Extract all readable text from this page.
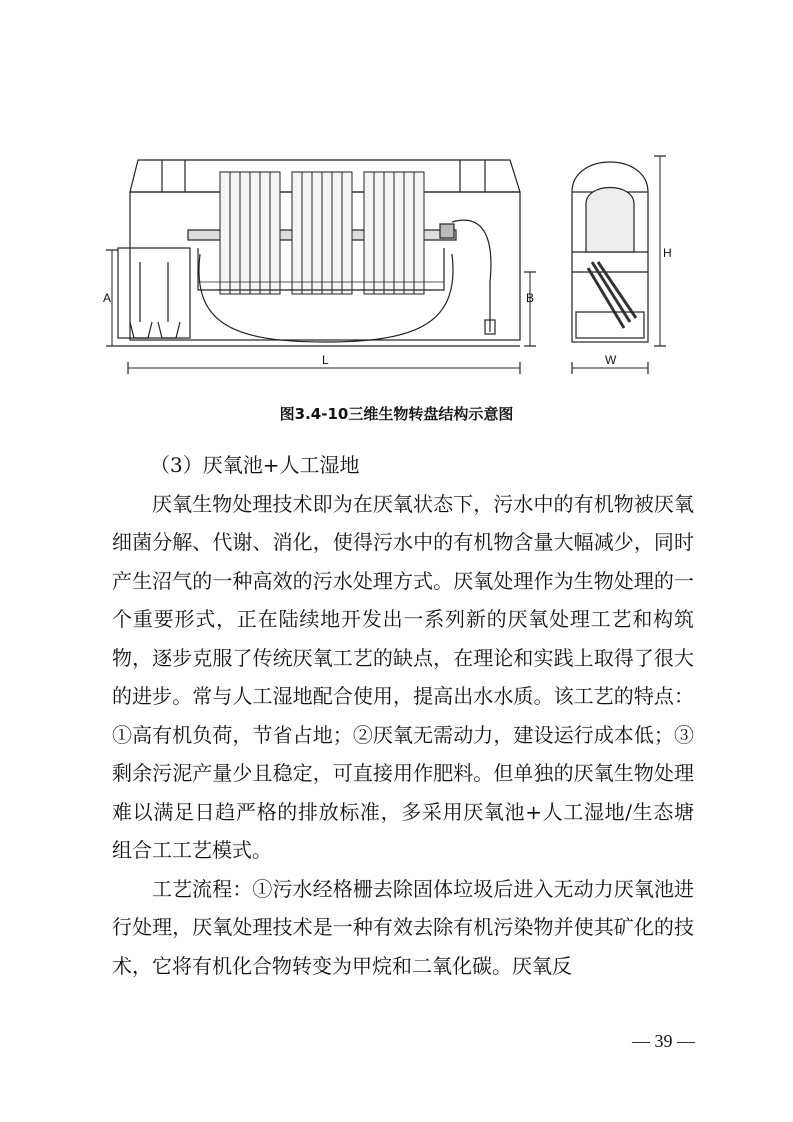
L
A	B
W
H
图3.4-10三维生物转盘结构示意图

（3）厌氧池+人工湿地

厌氧生物处理技术即为在厌氧状态下，污水中的有机物被厌氧细菌分解、代谢、消化，使得污水中的有机物含量大幅减少，同时产生沼气的一种高效的污水处理方式。厌氧处理作为生物处理的一个重要形式，正在陆续地开发出一系列新的厌氧处理工艺和构筑物，逐步克服了传统厌氧工艺的缺点，在理论和实践上取得了很大的进步。常与人工湿地配合使用，提高出水水质。该工艺的特点：①高有机负荷，节省占地；②厌氧无需动力，建设运行成本低；③剩余污泥产量少且稳定，可直接用作肥料。但单独的厌氧生物处理难以满足日趋严格的排放标准，多采用厌氧池+人工湿地/生态塘组合工工艺模式。

工艺流程：①污水经格栅去除固体垃圾后进入无动力厌氧池进行处理，厌氧处理技术是一种有效去除有机污染物并使其矿化的技术，它将有机化合物转变为甲烷和二氧化碳。厌氧反

— 39 —
